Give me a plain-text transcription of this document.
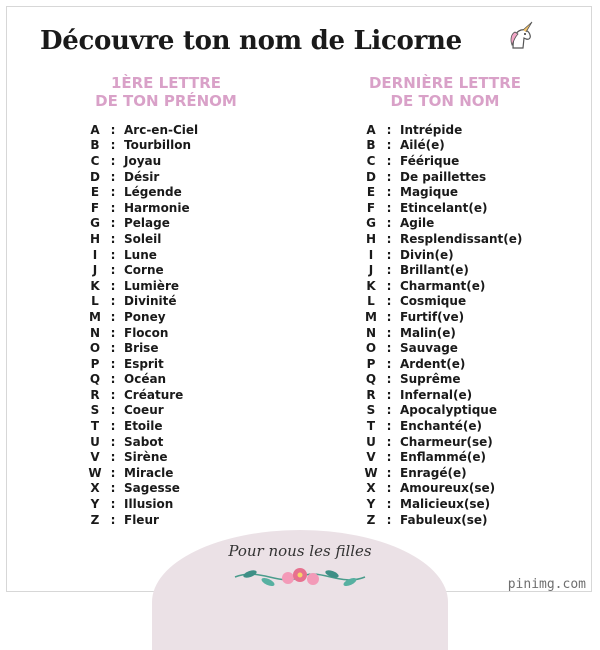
Découvre ton nom de Licorne
1ÈRE LETTRE
DE TON PRÉNOM
DERNIÈRE LETTRE
DE TON NOM
A : Arc-en-Ciel
B : Tourbillon
C : Joyau
D : Désir
E : Légende
F : Harmonie
G : Pelage
H : Soleil
I	: Lune
J	: Corne
K : Lumière
L : Divinité
M : Poney
N : Flocon
O : Brise
P : Esprit
Q : Océan
R : Créature
S : Coeur
T : Etoile
U : Sabot
V : Sirène
W : Miracle
X : Sagesse
Y : Illusion
Z : Fleur
A : Intrépide
B : Ailé(e)
C : Féérique
D : De paillettes
E : Magique
F : Etincelant(e)
G : Agile
H : Resplendissant(e)
I	: Divin(e)
J	: Brillant(e)
K : Charmant(e)
L : Cosmique
M : Furtif(ve)
N : Malin(e)
O : Sauvage
P : Ardent(e)
Q : Suprême
R : Infernal(e)
S : Apocalyptique
T : Enchanté(e)
U : Charmeur(se)
V : Enflammé(e)
W : Enragé(e)
X : Amoureux(se)
Y : Malicieux(se)
Z : Fabuleux(se)
Pour nous les filles
pinimg.com
